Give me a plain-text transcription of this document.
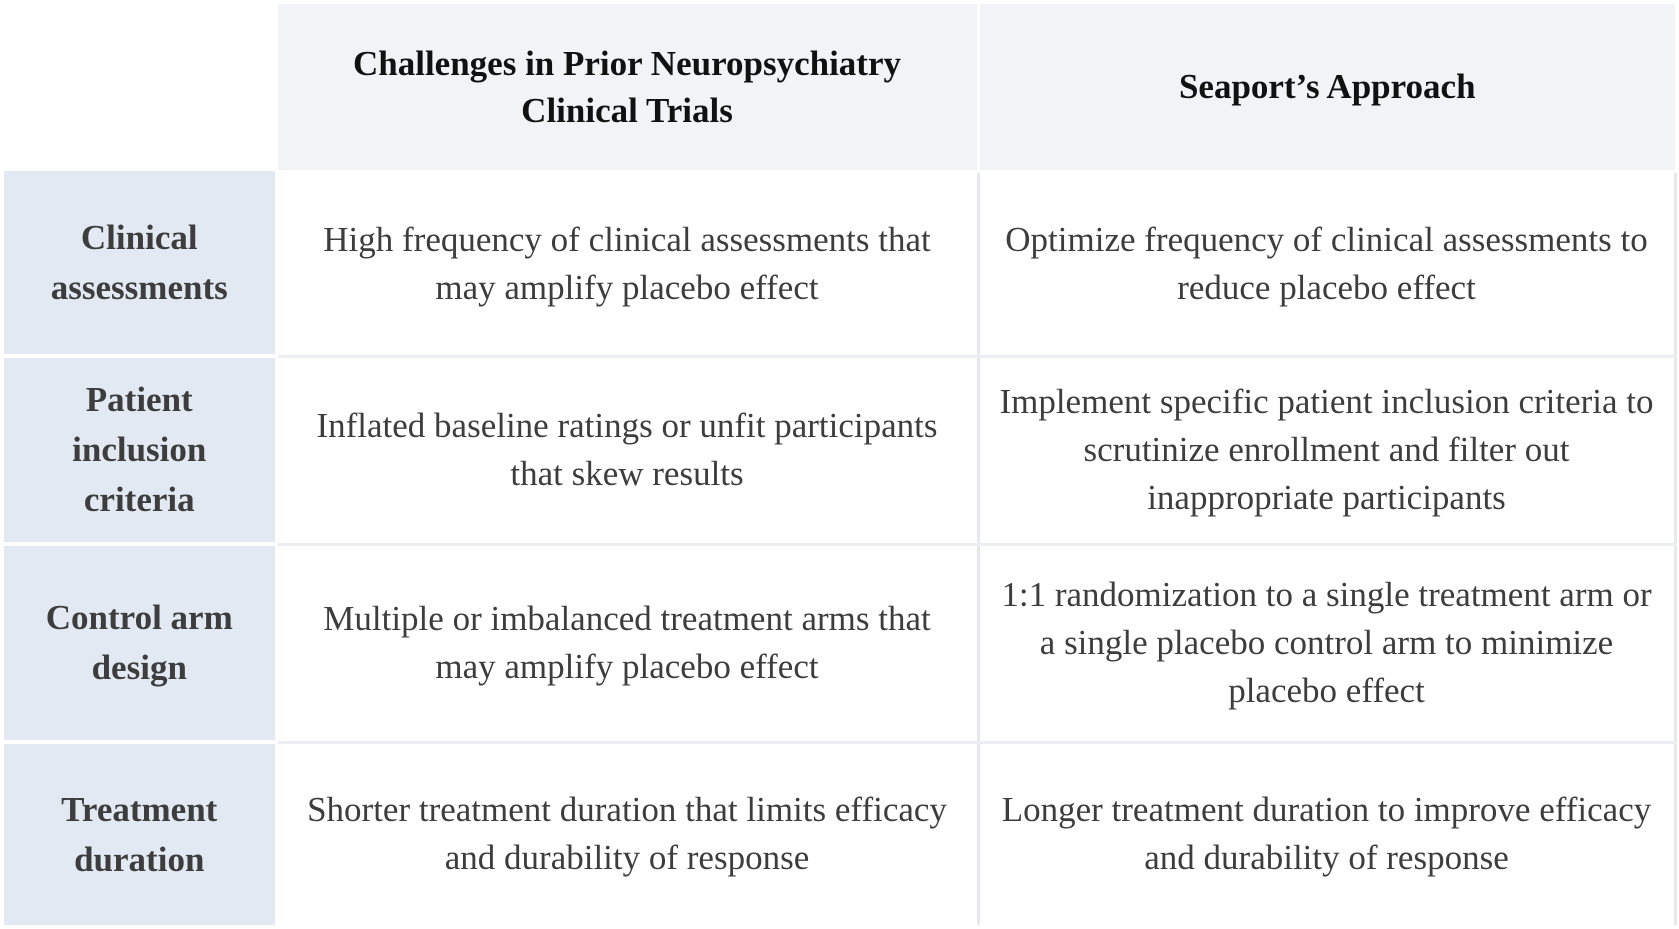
	Challenges in Prior Neuropsychiatry Clinical Trials	Seaport’s Approach
Clinical assessments	High frequency of clinical assessments that may amplify placebo effect	Optimize frequency of clinical assessments to reduce placebo effect
Patient inclusion criteria	Inflated baseline ratings or unfit participants that skew results	Implement specific patient inclusion criteria to scrutinize enrollment and filter out inappropriate participants
Control arm design	Multiple or imbalanced treatment arms that may amplify placebo effect	1:1 randomization to a single treatment arm or a single placebo control arm to minimize placebo effect
Treatment duration	Shorter treatment duration that limits efficacy and durability of response	Longer treatment duration to improve efficacy and durability of response
